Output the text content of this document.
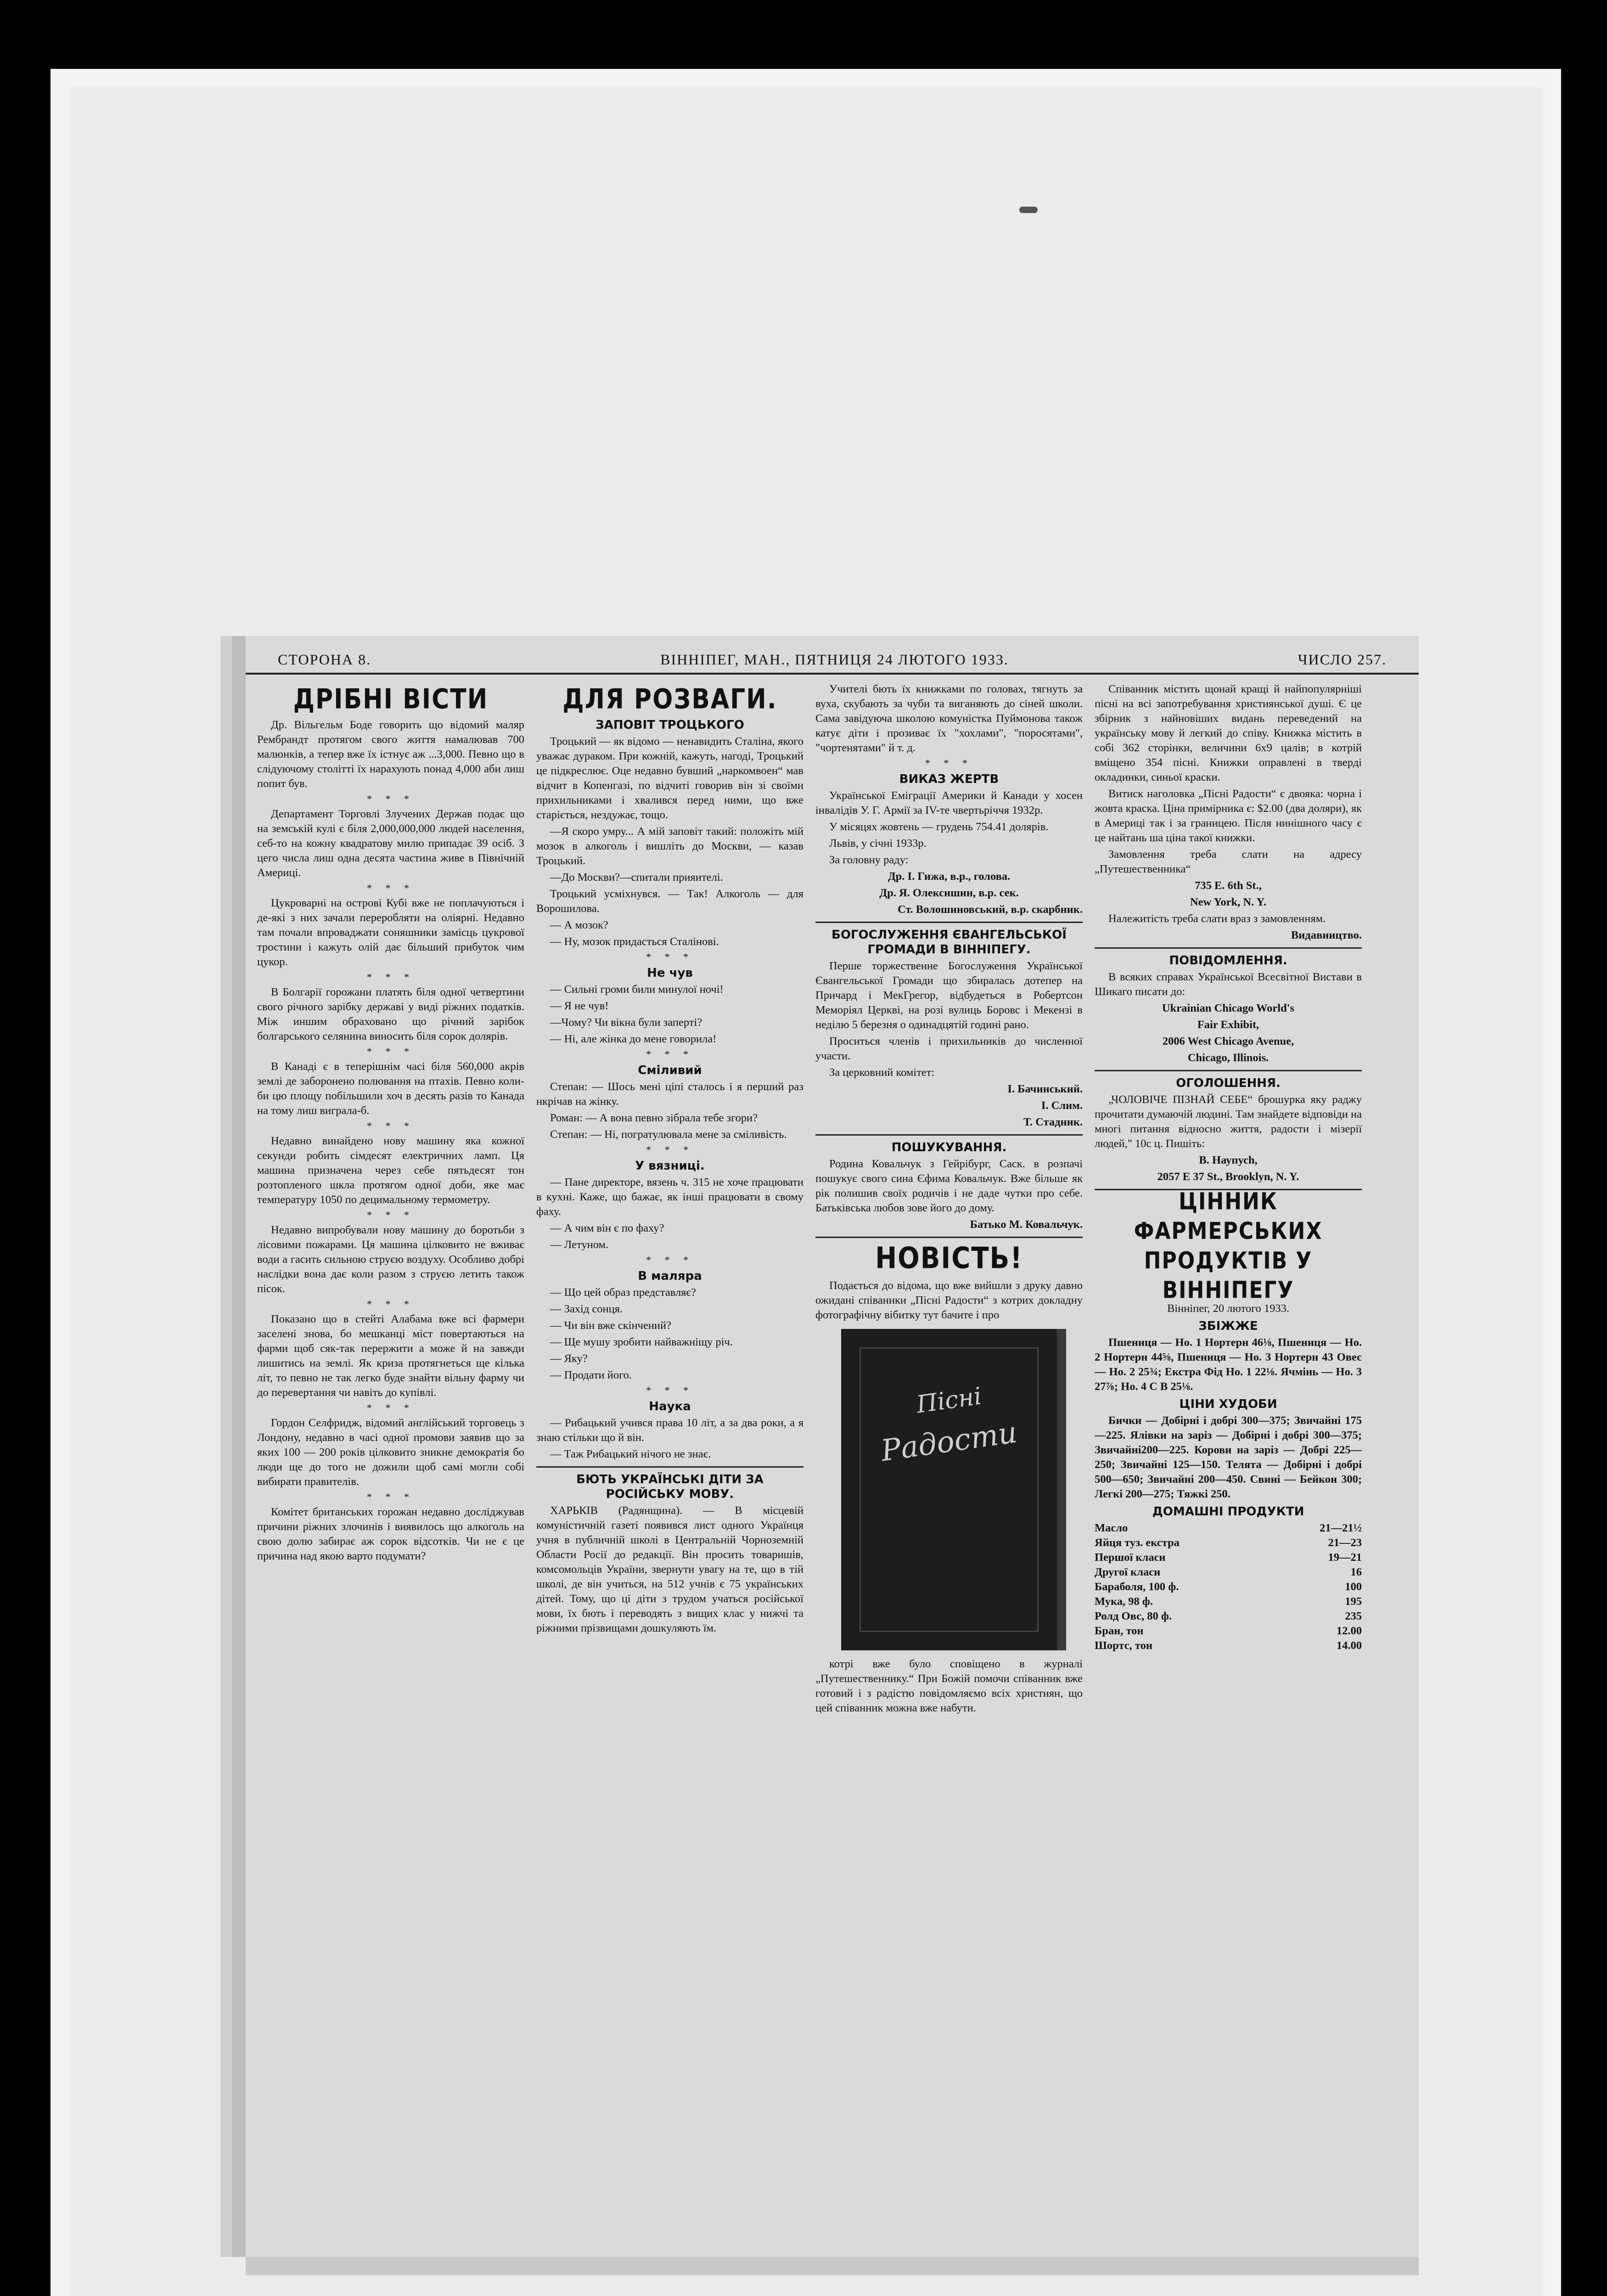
СТОРОНА 8.	ВІННІПЕГ, МАН., ПЯТНИЦЯ 24 ЛЮТОГО 1933.	ЧИСЛО 257.
ДРІБНІ ВІСТИ

Др. Вільгельм Боде говорить що відомий маляр Рембрандт протягом свого життя намалював 700 малюнків, а тепер вже їх істнує аж ...3,000. Певно що в слідуючому столітті їх нарахують понад 4,000 аби лиш попит був.

* * *

Департамент Торговлі Злучених Держав подає що на земській кулі є біля 2,000,000,000 людей населення, себ-то на кожну квадратову милю припадає 39 осіб. З цего числа лиш одна десята частина живе в Північній Америці.

* * *

Цукроварні на острові Кубі вже не поплачуються і де-які з них зачали переробляти на оліярні. Недавно там почали впроваджати соняшники замісць цукрової тростини і кажуть олій дає більший прибуток чим цукор.

* * *

В Болгарії горожани платять біля одної четвертини свого річного зарібку державі у виді ріжних податків. Між иншим обраховано що річний зарібок болгарського селянина виносить біля сорок долярів.

* * *

В Канаді є в теперішнім часі біля 560,000 акрів землі де заборонено полювання на птахів. Певно коли-би цю площу побільшили хоч в десять разів то Канада на тому лиш виграла-б.

* * *

Недавно винайдено нову машину яка кожної секунди робить сімдесят електричних ламп. Ця машина призначена через себе пятьдесят тон розтопленого шкла протягом одної доби, яке має температуру 1050 по децимальному термометру.

* * *

Недавно випробували нову машину до боротьби з лісовими пожарами. Ця машина цілковито не вживає води а гасить сильною струєю воздуху. Особливо добрі наслідки вона дає коли разом з струєю летить також пісок.

* * *

Показано що в стейті Алабама вже всі фармери заселені знова, бо мешканці міст повертаються на фарми щоб сяк-так перержити а може й на завжди лишитись на землі. Як криза протягнеться ще кілька літ, то певно не так легко буде знайти вільну фарму чи до перевертання чи навіть до купівлі.

* * *

Гордон Селфридж, відомий англійський торговець з Лондону, недавно в часі одної промови заявив що за яких 100 — 200 років цілковито зникне демократія бо люди ще до того не дожили щоб самі могли собі вибирати правителів.

* * *

Комітет британських горожан недавно досліджував причини ріжних злочинів і виявилось що алкоголь на свою долю забирає аж сорок відсотків. Чи не є це причина над якою варто подумати?

ДЛЯ РОЗВАГИ.
ЗАПОВІТ ТРОЦЬКОГО

Троцький — як відомо — ненавидить Сталіна, якого уважає дураком. При кожній, кажуть, нагоді, Троцький це підкреслює. Оце недавно бувший „наркомвоен“ мав відчит в Копенгазі, по відчиті говорив він зі своїми прихильниками і хвалився перед ними, що вже старіється, нездужає, тощо.

—Я скоро умру... А мій заповіт такий: положіть мій мозок в алкоголь і вишліть до Москви, — казав Троцький.

—До Москви?—спитали прияителі.

Троцький усміхнувся. — Так! Алкоголь — для Ворошилова.

— А мозок?

— Ну, мозок придасться Сталінові.

* * *
Не чув

— Сильні громи били минулої ночі!

— Я не чув!

—Чому? Чи вікна були заперті?

— Ні, але жінка до мене говорила!

* * *
Сміливий

Степан: — Шось мені ціпі сталось і я перший раз нкрічав на жінку.

Роман: — А вона певно зібрала тебе згори?

Степан: — Ні, погратулювала мене за сміливість.

* * *
У вязниці.

— Пане директоре, вязень ч. 315 не хоче працювати в кухні. Каже, що бажає, як інші працювати в свому фаху.

— А чим він є по фаху?

— Летуном.

* * *
В маляра

— Що цей образ представляє?

— Захід сонця.

— Чи він вже скінчений?

— Ще мушу зробити найважніщу річ.

— Яку?

— Продати його.

* * *
Наука

— Рибацький учився права 10 літ, а за два роки, а я знаю стільки що й він.

— Таж Рибацький нічого не знає.

БЮТЬ УКРАЇНСЬКІ ДІТИ ЗА РОСІЙСЬКУ МОВУ.

ХАРЬКІВ (Радянщина). — В місцевій комуністичній газеті появився лист одного Українця учня в публичній школі в Центральній Чорноземній Области Росії до редакції. Він просить товаришів, комсомольців України, звернути увагу на те, що в тій школі, де він учиться, на 512 учнів є 75 українських дітей. Тому, що ці діти з трудом учаться російської мови, їх бють і переводять з вищих клас у нижчі та ріжними прізвищами дошкуляють їм.

Учителі бють їх книжками по головах, тягнуть за вуха, скубають за чуби та виганяють до сіней школи. Сама завідуюча школою комуністка Пуймонова також катує діти і прозиває їх "хохлами", "поросятами", "чортенятами" й т. д.

* * *
ВИКАЗ ЖЕРТВ

Української Еміграції Америки й Канади у хосен інвалідів У. Г. Армії за IV-те чвертьріччя 1932р.

У місяцях жовтень — грудень 754.41 долярів.

Львів, у січні 1933р.

За головну раду:

Др. І. Гижа, в.р., голова.

Др. Я. Олексишин, в.р. сек.

Ст. Волошиновський, в.р. скарбник.

БОГОСЛУЖЕННЯ ЄВАНГЕЛЬСЬКОЇ ГРОМАДИ В ВІННІПЕГУ.

Перше торжественне Богослуження Української Євангельської Громади що збиралась дотепер на Причард і МекГрегор, відбудеться в Робертсон Меморіял Церкві, на розі вулиць Боровс і Мекензі в неділю 5 березня о одинадцятій годині рано.

Проситься членів і прихильників до численної участи.

За церковний комітет:

І. Бачинський.

І. Слим.

Т. Стадник.

ПОШУКУВАННЯ.

Родина Ковальчук з Гейрібург, Саск. в розпачі пошукує свого сина Єфима Ковальчук. Вже більше як рік полишив своїх родичів і не даде чутки про себе. Батьківська любов зове його до дому.

Батько М. Ковальчук.

НОВІСТЬ!

Подається до відома, що вже вийшли з друку давно ожидані співаннки „Пісні Радости“ з котрих докладну фотографічну вібитку тут бачите і про

Пісні
Радости

котрі вже було сповіщено в журналі „Путешественнику.“ При Божій помочи співанник вже готовий і з радістю повідомляємо всіх християн, що цей співанник можна вже набути.

Співанник містить щонай кращі й найпопулярніші пісні на всі запотребування християнської душі. Є це збірник з найновіших видань переведений на українську мову й легкий до співу. Книжка містить в собі 362 сторінки, величини 6х9 цалів; в котрій вміщено 354 пісні. Книжки оправлені в тверді окладинки, синьої краски.

Витиск наголовка „Пісні Радости“ є двояка: чорна і жовта краска. Ціна примірника є: $2.00 (два доляри), як в Америці так і за границею. Після нинішного часу є це найтань ша ціна такої книжки.

Замовлення треба слати на адресу „Путешественника“

735 E. 6th St.,

New York, N. Y.

Належитість треба слати враз з замовленням.

Видавництво.

ПОВІДОМЛЕННЯ.

В всяких справах Української Всесвітної Вистави в Шикаго писати до:

Ukrainian Chicago World's

Fair Exhibit,

2006 West Chicago Avenue,

Chicago, Illinois.

ОГОЛОШЕННЯ.

„ЧОЛОВІЧЕ ПІЗНАЙ СЕБЕ“ брошурка яку раджу прочитати думаючій людині. Там знайдете відповіди на многі питання відносно життя, радости і мізерії людей," 10c ц. Пишіть:

В. Наупусh,

2057 E 37 St., Brooklyn, N. Y.

ЦІННИК ФАРМЕРСЬКИХ ПРОДУКТІВ У ВІННІПЕГУ

Вінніпег, 20 лютого 1933.

ЗБІЖЖЕ

Пшениця — Но. 1 Нортерн 46⅛, Пшениця — Но. 2 Нортерн 44⅝, Пшениця — Но. 3 Нортерн 43 Овес — Но. 2 25¾; Екстра Фід Но. 1 22⅛. Ячмінь — Но. 3 27⅞; Но. 4 С В 25⅛.

ЦІНИ ХУДОБИ

Бички — Добірні і добрі 300—375; Звичайні 175—225. Ялівки на заріз — Добірні і добрі 300—375; Звичайні200—225. Корови на заріз — Добрі 225—250; Звичайні 125—150. Телята — Добірні і добрі 500—650; Звичайні 200—450. Свині — Бейкон 300; Легкі 200—275; Тяжкі 250.

ДОМАШНІ ПРОДУКТИ
Масло	21—21½
Яйця туз. екстра	21—23
Першої класи	19—21
Другої класи	16
Бараболя, 100 ф.	100
Мука, 98 ф.	195
Ролд Овс, 80 ф.	235
Бран, тон	12.00
Шортс, тон	14.00
